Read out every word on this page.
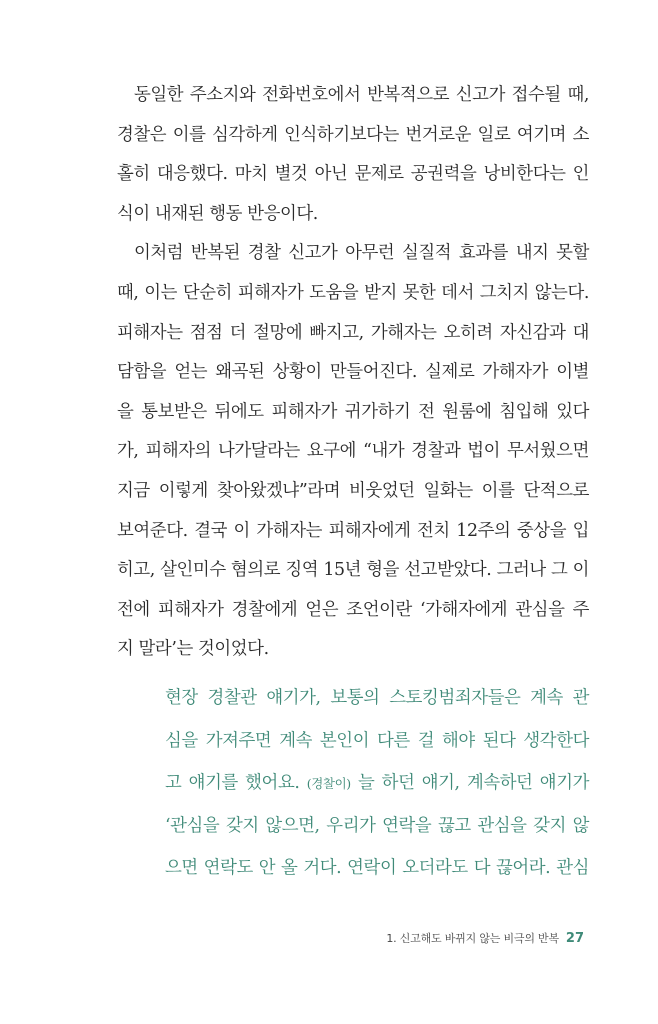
동일한 주소지와 전화번호에서 반복적으로 신고가 접수될 때,
경찰은 이를 심각하게 인식하기보다는 번거로운 일로 여기며 소
홀히 대응했다. 마치 별것 아닌 문제로 공권력을 낭비한다는 인
식이 내재된 행동 반응이다.
이처럼 반복된 경찰 신고가 아무런 실질적 효과를 내지 못할
때, 이는 단순히 피해자가 도움을 받지 못한 데서 그치지 않는다.
피해자는 점점 더 절망에 빠지고, 가해자는 오히려 자신감과 대
담함을 얻는 왜곡된 상황이 만들어진다. 실제로 가해자가 이별
을 통보받은 뒤에도 피해자가 귀가하기 전 원룸에 침입해 있다
가, 피해자의 나가달라는 요구에 “내가 경찰과 법이 무서웠으면
지금 이렇게 찾아왔겠냐”라며 비웃었던 일화는 이를 단적으로
보여준다. 결국 이 가해자는 피해자에게 전치 12주의 중상을 입
히고, 살인미수 혐의로 징역 15년 형을 선고받았다. 그러나 그 이
전에 피해자가 경찰에게 얻은 조언이란 ‘가해자에게 관심을 주
지 말라’는 것이었다.
현장 경찰관 얘기가, 보통의 스토킹범죄자들은 계속 관
심을 가져주면 계속 본인이 다른 걸 해야 된다 생각한다
고 얘기를 했어요. (경찰이) 늘 하던 얘기, 계속하던 얘기가
‘관심을 갖지 않으면, 우리가 연락을 끊고 관심을 갖지 않
으면 연락도 안 올 거다. 연락이 오더라도 다 끊어라. 관심
1. 신고해도 바뀌지 않는 비극의 반복 27
